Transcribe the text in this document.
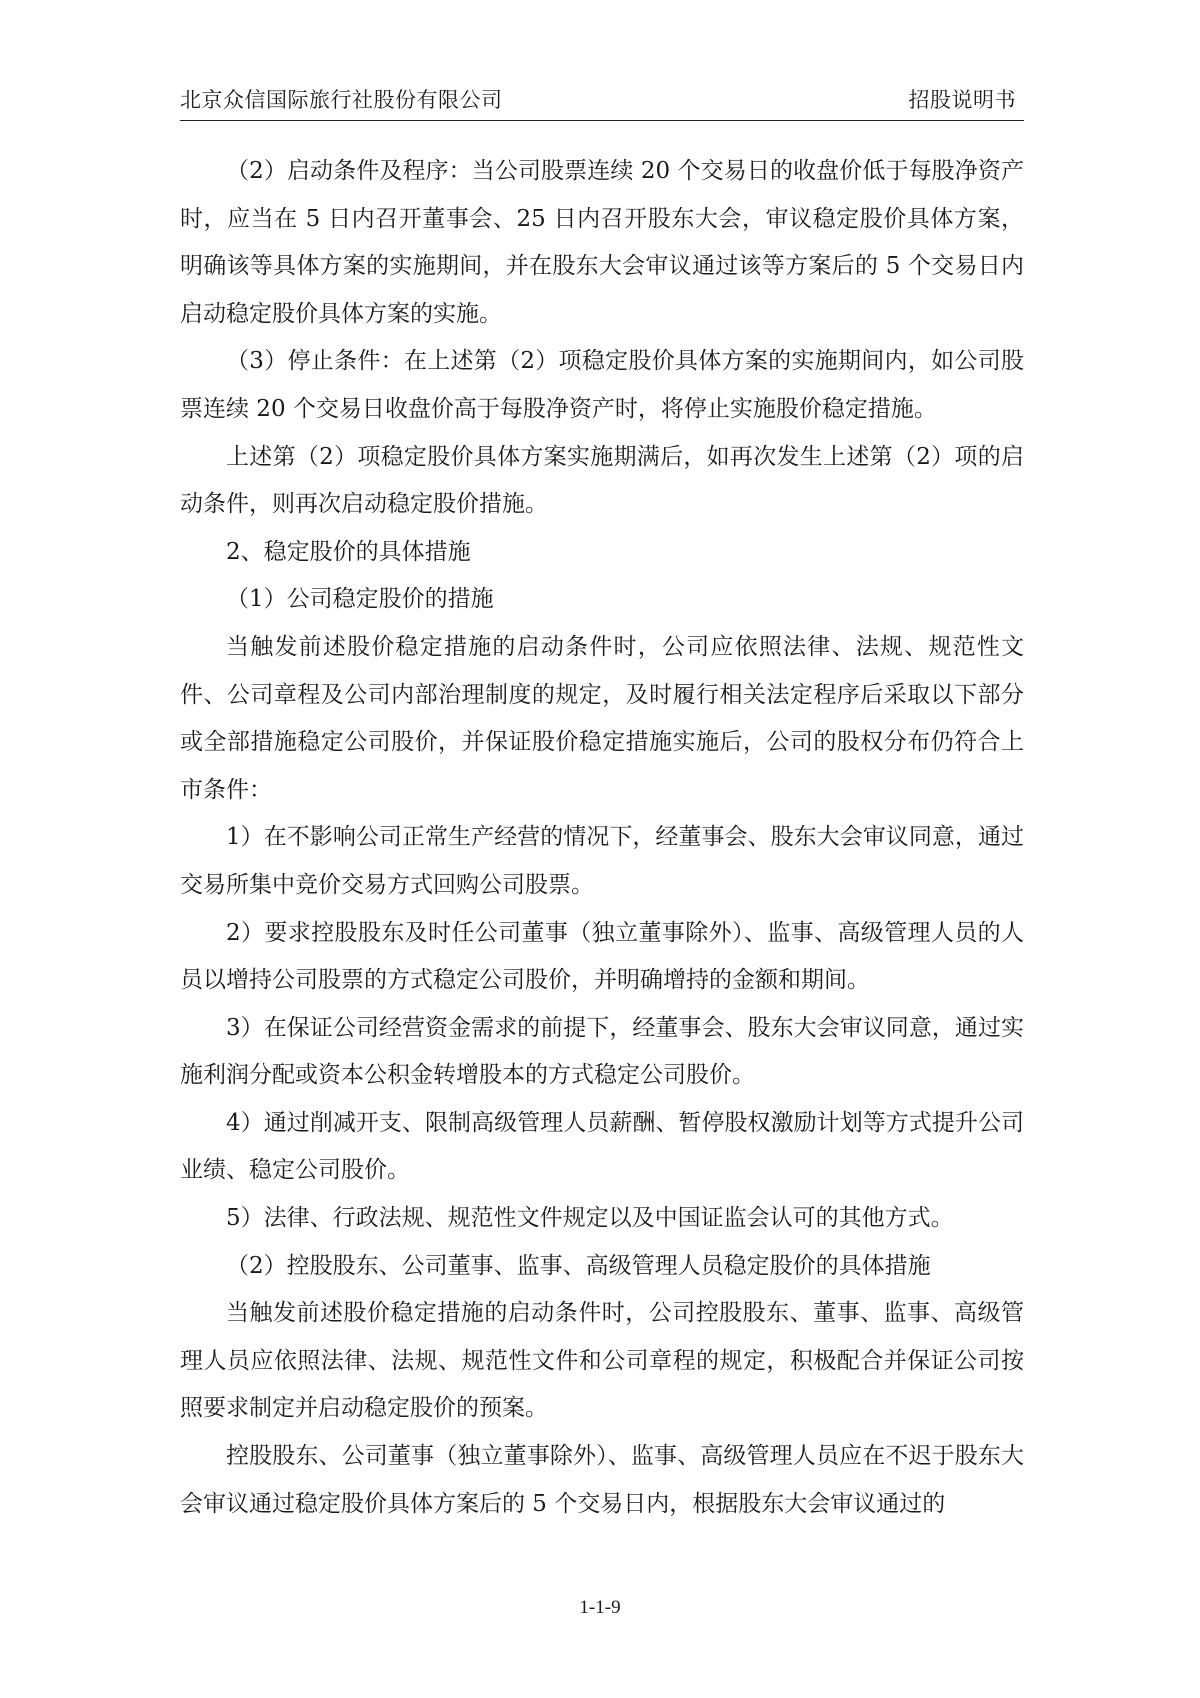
北京众信国际旅行社股份有限公司	招股说明书

（2）启动条件及程序：当公司股票连续 20 个交易日的收盘价低于每股净资产时，应当在 5 日内召开董事会、25 日内召开股东大会，审议稳定股价具体方案，明确该等具体方案的实施期间，并在股东大会审议通过该等方案后的 5 个交易日内启动稳定股价具体方案的实施。

（3）停止条件：在上述第（2）项稳定股价具体方案的实施期间内，如公司股票连续 20 个交易日收盘价高于每股净资产时，将停止实施股价稳定措施。

上述第（2）项稳定股价具体方案实施期满后，如再次发生上述第（2）项的启动条件，则再次启动稳定股价措施。

2、稳定股价的具体措施

（1）公司稳定股价的措施

当触发前述股价稳定措施的启动条件时，公司应依照法律、法规、规范性文件、公司章程及公司内部治理制度的规定，及时履行相关法定程序后采取以下部分或全部措施稳定公司股价，并保证股价稳定措施实施后，公司的股权分布仍符合上市条件：

1）在不影响公司正常生产经营的情况下，经董事会、股东大会审议同意，通过交易所集中竞价交易方式回购公司股票。

2）要求控股股东及时任公司董事（独立董事除外）、监事、高级管理人员的人员以增持公司股票的方式稳定公司股价，并明确增持的金额和期间。

3）在保证公司经营资金需求的前提下，经董事会、股东大会审议同意，通过实施利润分配或资本公积金转增股本的方式稳定公司股价。

4）通过削减开支、限制高级管理人员薪酬、暂停股权激励计划等方式提升公司业绩、稳定公司股价。

5）法律、行政法规、规范性文件规定以及中国证监会认可的其他方式。

（2）控股股东、公司董事、监事、高级管理人员稳定股价的具体措施

当触发前述股价稳定措施的启动条件时，公司控股股东、董事、监事、高级管理人员应依照法律、法规、规范性文件和公司章程的规定，积极配合并保证公司按照要求制定并启动稳定股价的预案。

控股股东、公司董事（独立董事除外）、监事、高级管理人员应在不迟于股东大会审议通过稳定股价具体方案后的 5 个交易日内，根据股东大会审议通过的

1-1-9
